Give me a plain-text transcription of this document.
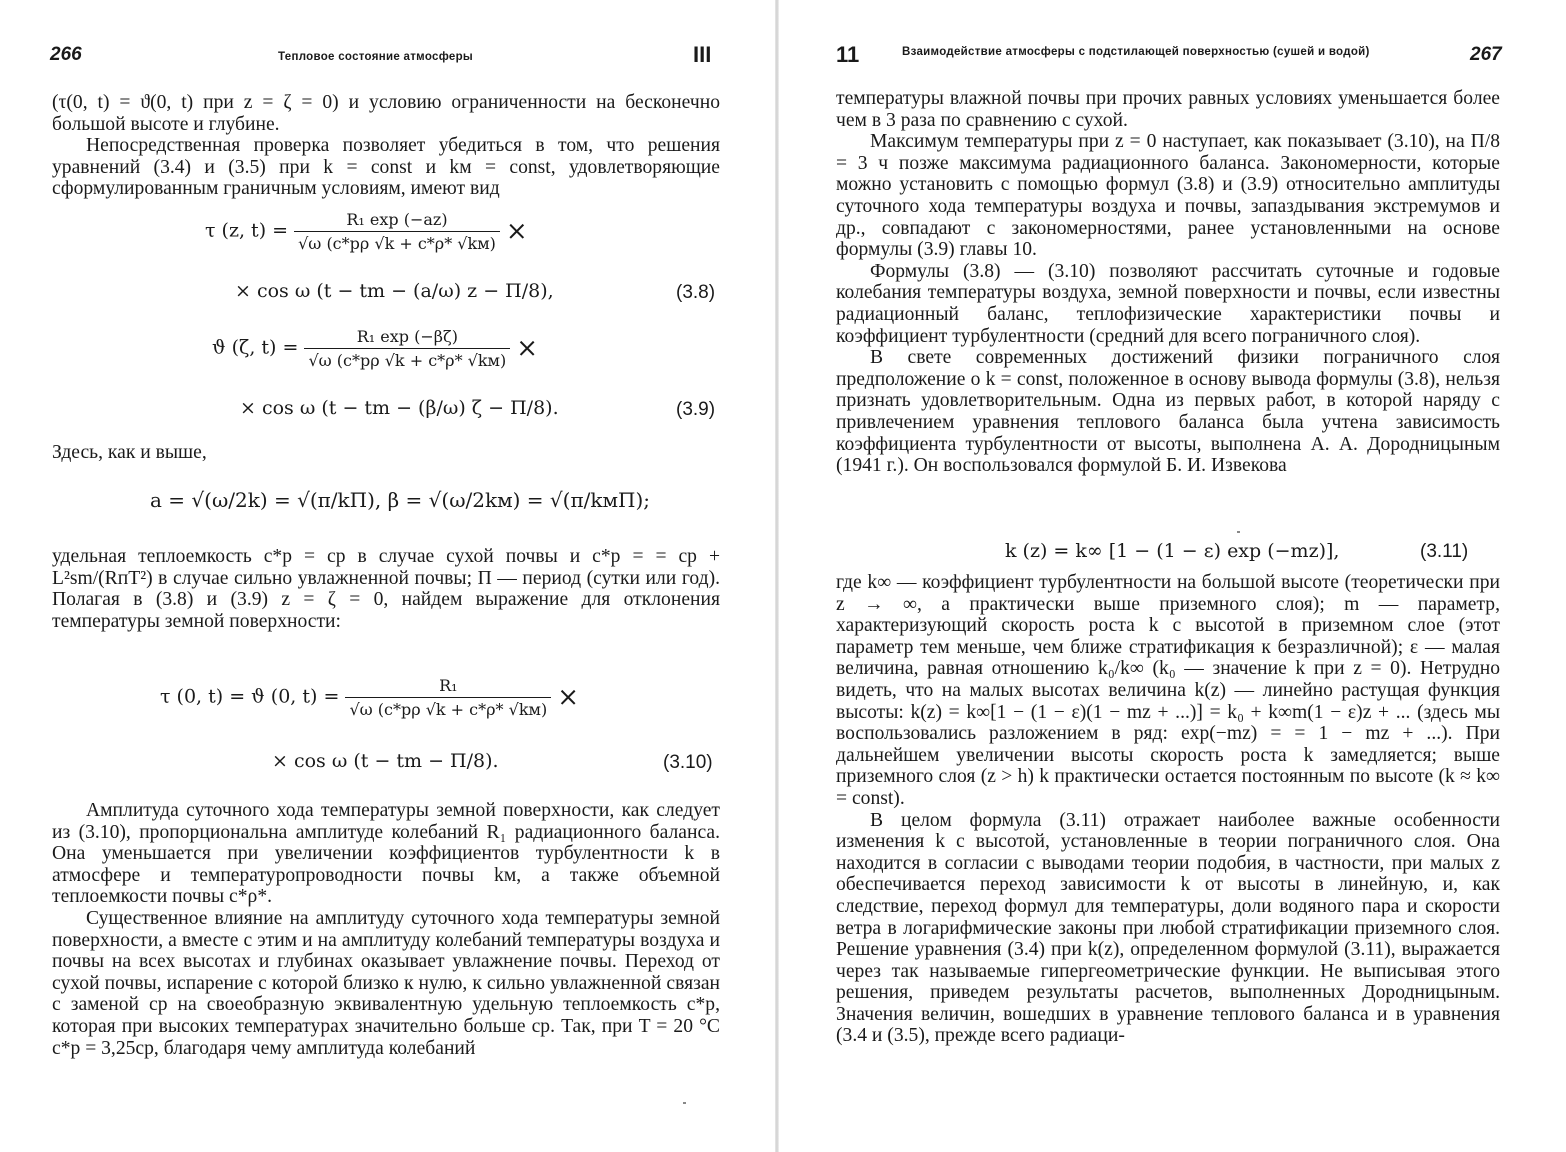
266	Тепловое состояние атмосферы	III

(τ(0, t) = ϑ(0, t) при z = ζ = 0) и условию ограниченности на бесконечно большой высоте и глубине.

Непосредственная проверка позволяет убедиться в том, что решения уравнений (3.4) и (3.5) при k = const и kм = const, удовлетворяющие сформулированным граничным условиям, имеют вид

τ (z, $t) = \frac{\text{R₁ exp (−az)}}{√\omega (c*p\rho √k + c*\rho* √kм)}$ ×
× cos ω (t − tm − (a/ω) z − П/8),	(3.8)
ϑ (ζ, $t) = \frac{\text{R₁ exp (−βζ)}}{√\omega (c*p\rho √k + c*\rho* √kм)}$ ×
× cos ω (t − tm − (β/ω) ζ − П/8).	(3.9)

Здесь, как и выше,

a = √(ω/2k) = √(π/kП), β = √(ω/2kм) = √(π/kмП);

удельная теплоемкость c*p = cp в случае сухой почвы и c*p = = cp + L²sm/(RпT²) в случае сильно увлажненной почвы; П — период (сутки или год). Полагая в (3.8) и (3.9) z = ζ = 0, найдем выражение для отклонения температуры земной поверхности:

τ (0, t) = ϑ (0, $t) = \frac{\text{R₁}}{√\omega (c*p\rho √k + c*\rho* √kм)}$ ×
× cos ω (t − tm − П/8).	(3.10)

Амплитуда суточного хода температуры земной поверхности, как следует из (3.10), пропорциональна амплитуде колебаний R₁ радиационного баланса. Она уменьшается при увеличении коэффициентов турбулентности k в атмосфере и температуропроводности почвы kм, а также объемной теплоемкости почвы c*ρ*.

Существенное влияние на амплитуду суточного хода температуры земной поверхности, а вместе с этим и на амплитуду колебаний температуры воздуха и почвы на всех высотах и глубинах оказывает увлажнение почвы. Переход от сухой почвы, испарение с которой близко к нулю, к сильно увлажненной связан с заменой cp на своеобразную эквивалентную удельную теплоемкость c*p, которая при высоких температурах значительно больше cp. Так, при T = 20 °C c*p = 3,25cp, благодаря чему амплитуда колебаний

11	Взаимодействие атмосферы с подстилающей поверхностью (сушей и водой)	267

температуры влажной почвы при прочих равных условиях уменьшается более чем в 3 раза по сравнению с сухой.

Максимум температуры при z = 0 наступает, как показывает (3.10), на П/8 = 3 ч позже максимума радиационного баланса. Закономерности, которые можно установить с помощью формул (3.8) и (3.9) относительно амплитуды суточного хода температуры воздуха и почвы, запаздывания экстремумов и др., совпадают с закономерностями, ранее установленными на основе формулы (3.9) главы 10.

Формулы (3.8) — (3.10) позволяют рассчитать суточные и годовые колебания температуры воздуха, земной поверхности и почвы, если известны радиационный баланс, теплофизические характеристики почвы и коэффициент турбулентности (средний для всего пограничного слоя).

В свете современных достижений физики пограничного слоя предположение о k = const, положенное в основу вывода формулы (3.8), нельзя признать удовлетворительным. Одна из первых работ, в которой наряду с привлечением уравнения теплового баланса была учтена зависимость коэффициента турбулентности от высоты, выполнена А. А. Дородницыным (1941 г.). Он воспользовался формулой Б. И. Извекова

k (z) = k∞ [1 − (1 − ε) exp (−mz)],	(3.11)

где k∞ — коэффициент турбулентности на большой высоте (теоретически при z → ∞, а практически выше приземного слоя); m — параметр, характеризующий скорость роста k с высотой в приземном слое (этот параметр тем меньше, чем ближе стратификация к безразличной); ε — малая величина, равная отношению k₀/k∞ (k₀ — значение k при z = 0). Нетрудно видеть, что на малых высотах величина k(z) — линейно растущая функция высоты: k(z) = k∞[1 − (1 − ε)(1 − mz + ...)] = k₀ + k∞m(1 − ε)z + ... (здесь мы воспользовались разложением в ряд: exp(−mz) = = 1 − mz + ...). При дальнейшем увеличении высоты скорость роста k замедляется; выше приземного слоя (z > h) k практически остается постоянным по высоте (k ≈ k∞ = const).

В целом формула (3.11) отражает наиболее важные особенности изменения k с высотой, установленные в теории пограничного слоя. Она находится в согласии с выводами теории подобия, в частности, при малых z обеспечивается переход зависимости k от высоты в линейную, и, как следствие, переход формул для температуры, доли водяного пара и скорости ветра в логарифмические законы при любой стратификации приземного слоя. Решение уравнения (3.4) при k(z), определенном формулой (3.11), выражается через так называемые гипергеометрические функции. Не выписывая этого решения, приведем результаты расчетов, выполненных Дородницыным. Значения величин, вошедших в уравнение теплового баланса и в уравнения (3.4 и (3.5), прежде всего радиаци-
